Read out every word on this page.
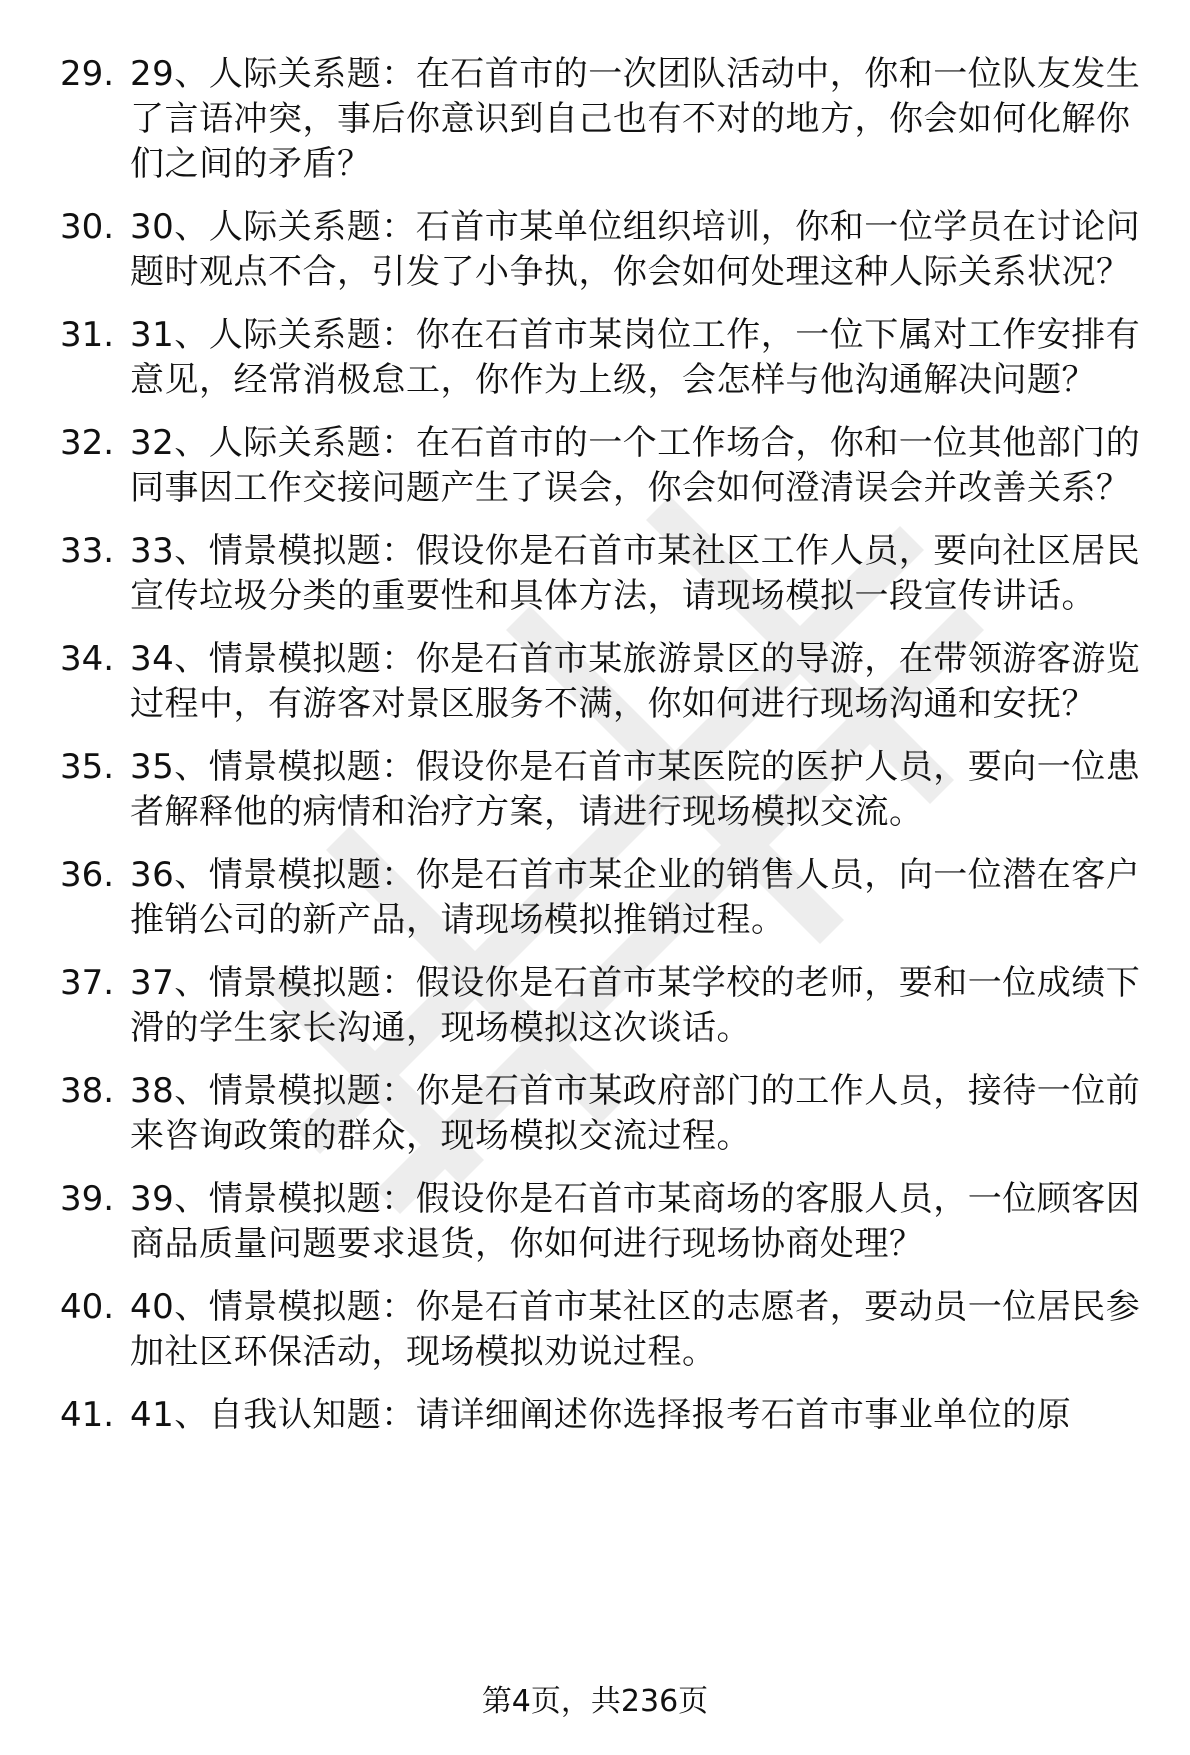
29. 29、人际关系题：在石首市的一次团队活动中，你和一位队友发生了言语冲突，事后你意识到自己也有不对的地方，你会如何化解你们之间的矛盾？
30. 30、人际关系题：石首市某单位组织培训，你和一位学员在讨论问题时观点不合，引发了小争执，你会如何处理这种人际关系状况？
31. 31、人际关系题：你在石首市某岗位工作，一位下属对工作安排有意见，经常消极怠工，你作为上级，会怎样与他沟通解决问题？
32. 32、人际关系题：在石首市的一个工作场合，你和一位其他部门的同事因工作交接问题产生了误会，你会如何澄清误会并改善关系？
33. 33、情景模拟题：假设你是石首市某社区工作人员，要向社区居民宣传垃圾分类的重要性和具体方法，请现场模拟一段宣传讲话。
34. 34、情景模拟题：你是石首市某旅游景区的导游，在带领游客游览过程中，有游客对景区服务不满，你如何进行现场沟通和安抚？
35. 35、情景模拟题：假设你是石首市某医院的医护人员，要向一位患者解释他的病情和治疗方案，请进行现场模拟交流。
36. 36、情景模拟题：你是石首市某企业的销售人员，向一位潜在客户推销公司的新产品，请现场模拟推销过程。
37. 37、情景模拟题：假设你是石首市某学校的老师，要和一位成绩下滑的学生家长沟通，现场模拟这次谈话。
38. 38、情景模拟题：你是石首市某政府部门的工作人员，接待一位前来咨询政策的群众，现场模拟交流过程。
39. 39、情景模拟题：假设你是石首市某商场的客服人员，一位顾客因商品质量问题要求退货，你如何进行现场协商处理？
40. 40、情景模拟题：你是石首市某社区的志愿者，要动员一位居民参加社区环保活动，现场模拟劝说过程。
41. 41、自我认知题：请详细阐述你选择报考石首市事业单位的原
第4页，共236页
